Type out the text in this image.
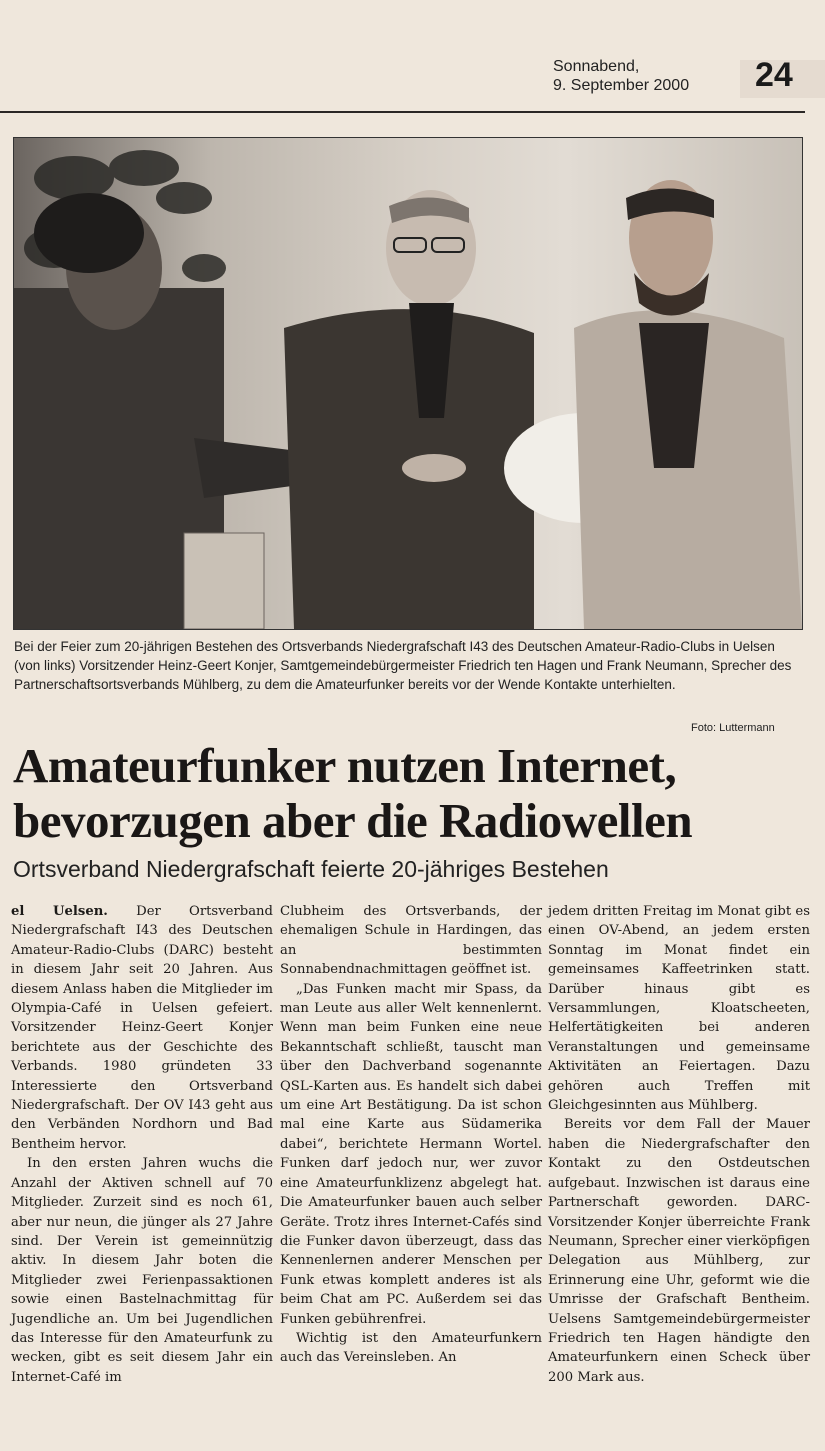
Sonnabend,
9. September 2000 24
Bei der Feier zum 20-jährigen Bestehen des Ortsverbands Niedergrafschaft I43 des Deutschen Amateur-Radio-Clubs in Uelsen (von links) Vorsitzender Heinz-Geert Konjer, Samtgemeindebürgermeister Friedrich ten Hagen und Frank Neumann, Sprecher des Partnerschaftsortsverbands Mühlberg, zu dem die Amateurfunker bereits vor der Wende Kontakte unterhielten.
Foto: Luttermann
Amateurfunker nutzen Internet,
bevorzugen aber die Radiowellen
Ortsverband Niedergrafschaft feierte 20-jähriges Bestehen

el Uelsen. Der Ortsverband Niedergrafschaft I43 des Deutschen Amateur-Radio-Clubs (DARC) besteht in diesem Jahr seit 20 Jahren. Aus diesem Anlass haben die Mitglieder im Olympia-Café in Uelsen gefeiert. Vorsitzender Heinz-Geert Konjer berichtete aus der Geschichte des Verbands. 1980 gründeten 33 Interessierte den Ortsverband Niedergrafschaft. Der OV I43 geht aus den Verbänden Nordhorn und Bad Bentheim hervor.

In den ersten Jahren wuchs die Anzahl der Aktiven schnell auf 70 Mitglieder. Zurzeit sind es noch 61, aber nur neun, die jünger als 27 Jahre sind. Der Verein ist gemeinnützig aktiv. In diesem Jahr boten die Mitglieder zwei Ferienpassaktionen sowie einen Bastelnachmittag für Jugendliche an. Um bei Jugendlichen das Interesse für den Amateurfunk zu wecken, gibt es seit diesem Jahr ein Internet-Café im

Clubheim des Ortsverbands, der ehemaligen Schule in Hardingen, das an bestimmten Sonnabendnachmittagen geöffnet ist.

„Das Funken macht mir Spass, da man Leute aus aller Welt kennenlernt. Wenn man beim Funken eine neue Bekanntschaft schließt, tauscht man über den Dachverband sogenannte QSL-Karten aus. Es handelt sich dabei um eine Art Bestätigung. Da ist schon mal eine Karte aus Südamerika dabei“, berichtete Hermann Wortel. Funken darf jedoch nur, wer zuvor eine Amateurfunklizenz abgelegt hat. Die Amateurfunker bauen auch selber Geräte. Trotz ihres Internet-Cafés sind die Funker davon überzeugt, dass das Kennenlernen anderer Menschen per Funk etwas komplett anderes ist als beim Chat am PC. Außerdem sei das Funken gebührenfrei.

Wichtig ist den Amateurfunkern auch das Vereinsleben. An

jedem dritten Freitag im Monat gibt es einen OV-Abend, an jedem ersten Sonntag im Monat findet ein gemeinsames Kaffeetrinken statt. Darüber hinaus gibt es Versammlungen, Kloatscheeten, Helfertätigkeiten bei anderen Veranstaltungen und gemeinsame Aktivitäten an Feiertagen. Dazu gehören auch Treffen mit Gleichgesinnten aus Mühlberg.

Bereits vor dem Fall der Mauer haben die Niedergrafschafter den Kontakt zu den Ostdeutschen aufgebaut. Inzwischen ist daraus eine Partnerschaft geworden. DARC-Vorsitzender Konjer überreichte Frank Neumann, Sprecher einer vierköpfigen Delegation aus Mühlberg, zur Erinnerung eine Uhr, geformt wie die Umrisse der Grafschaft Bentheim. Uelsens Samtgemeindebürgermeister Friedrich ten Hagen händigte den Amateurfunkern einen Scheck über 200 Mark aus.
